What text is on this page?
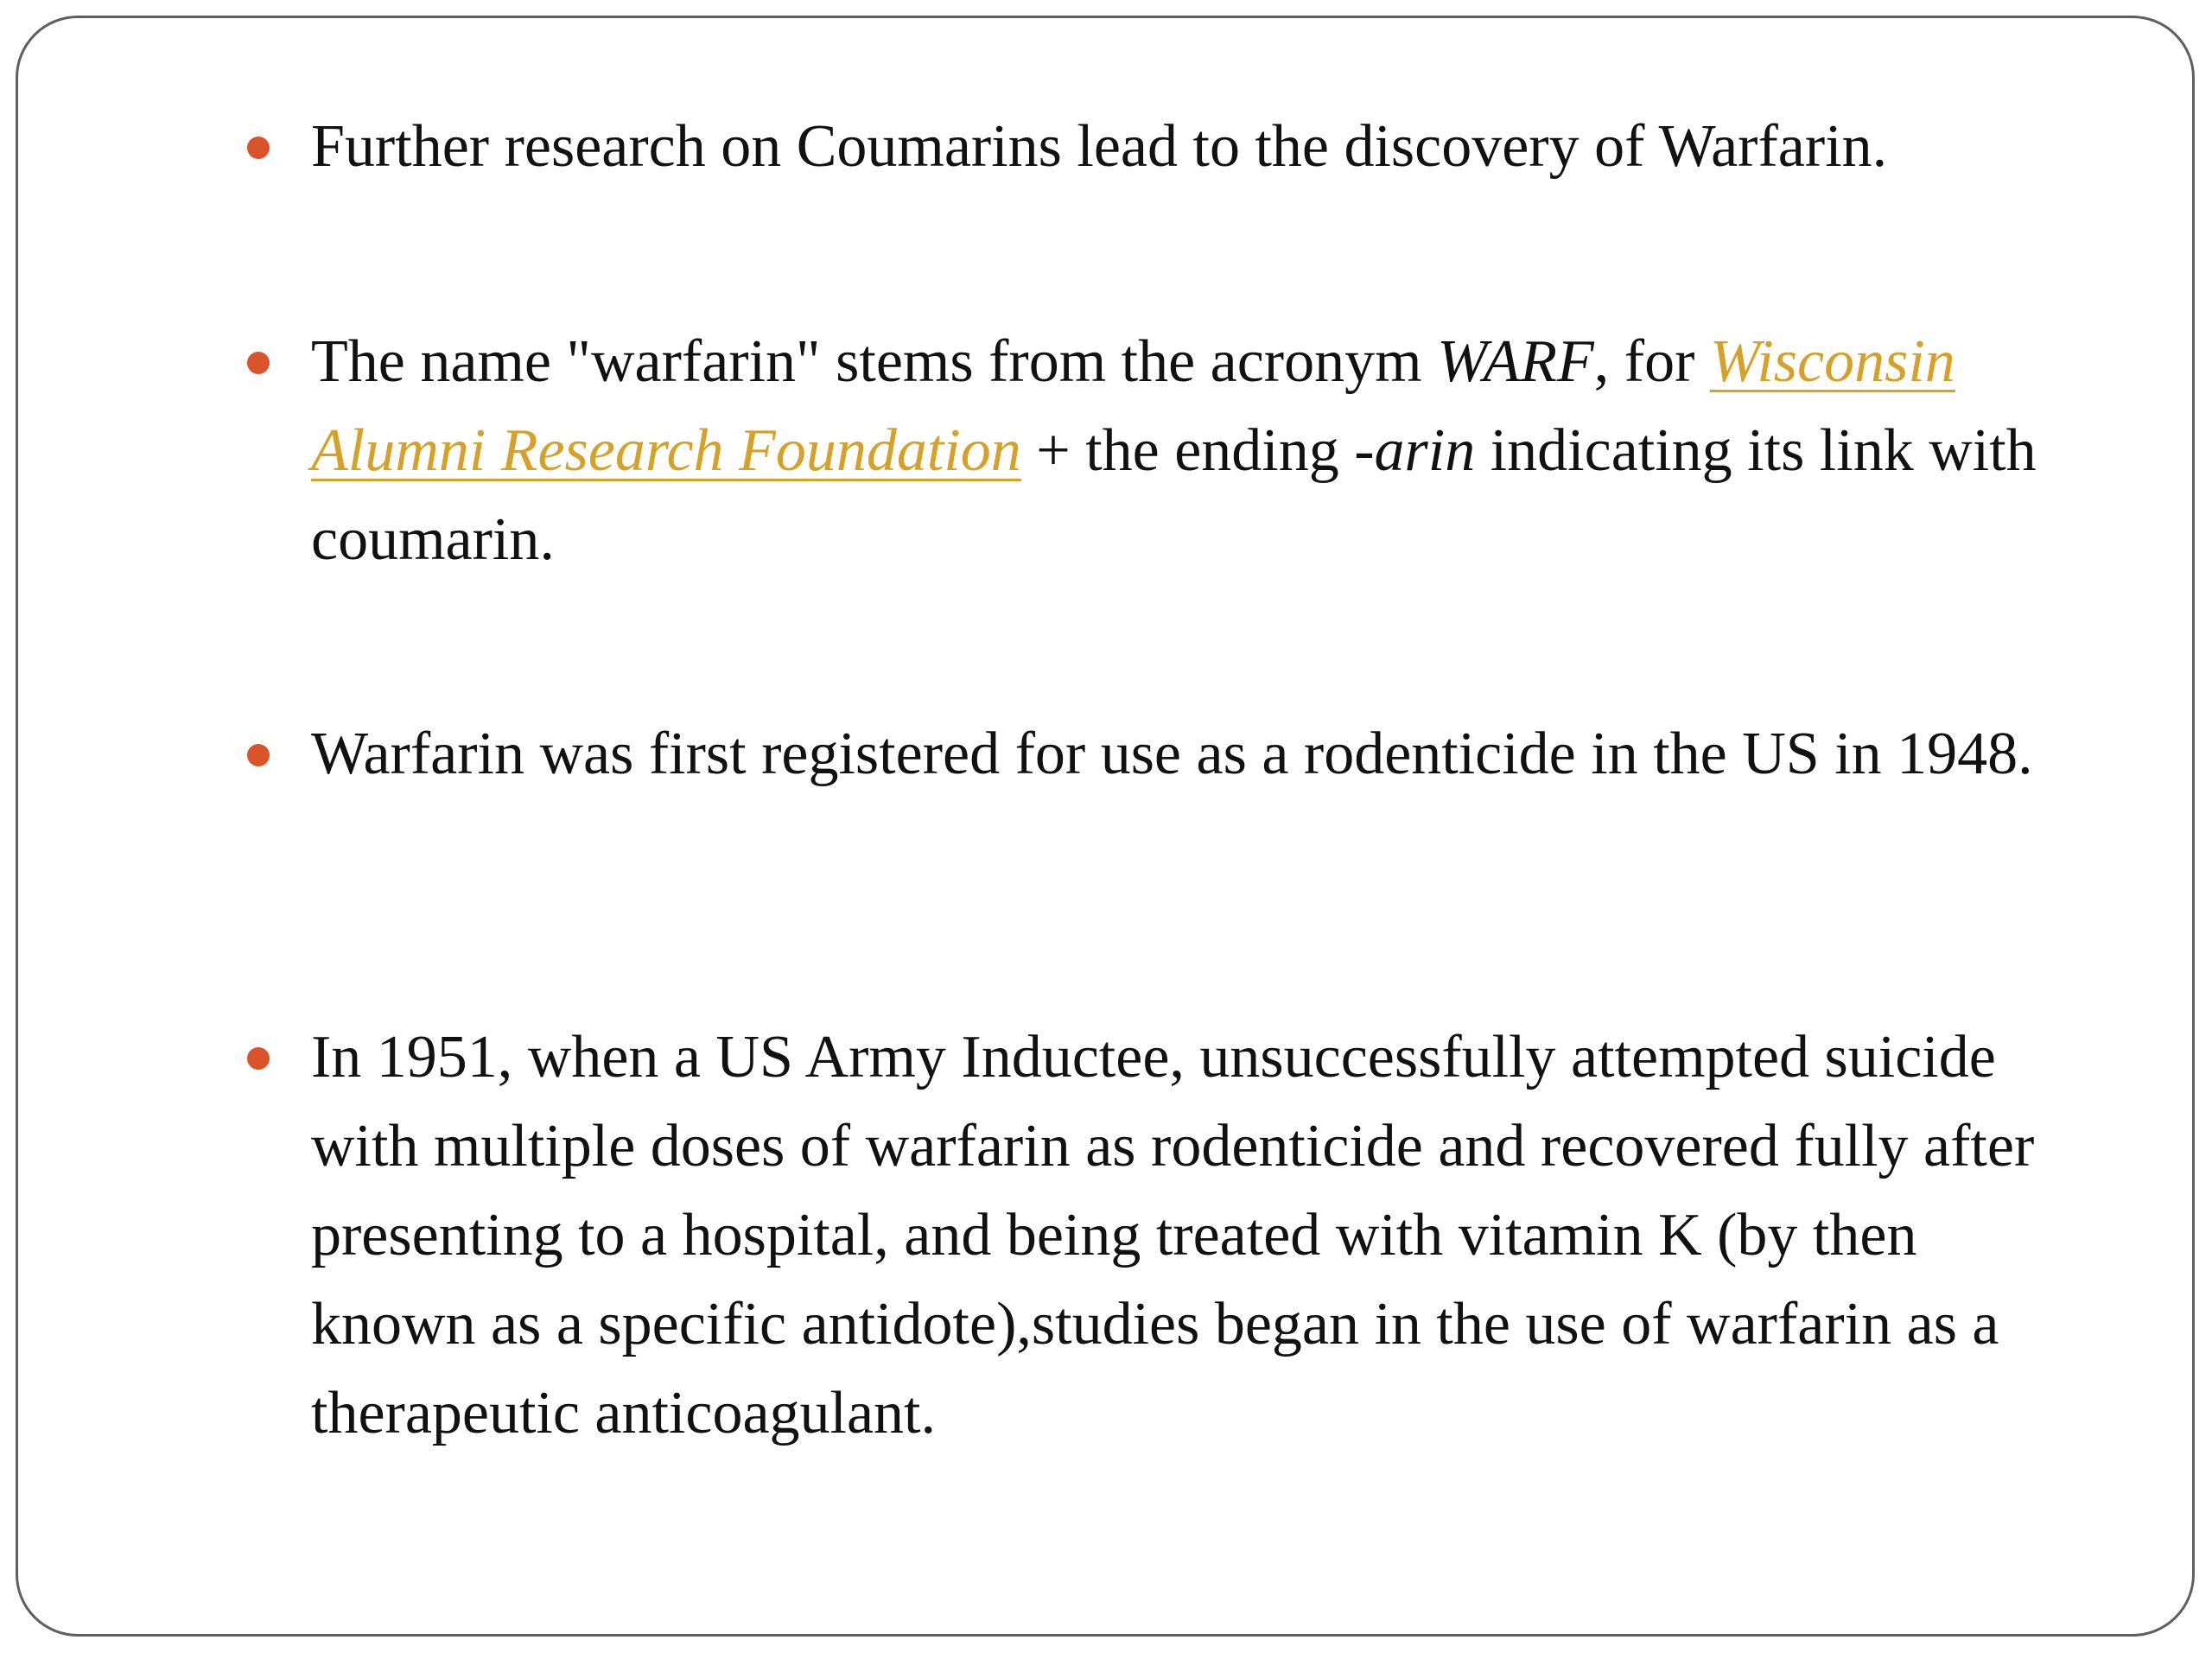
Further research on Coumarins lead to the discovery of Warfarin.
The name "warfarin" stems from the acronym WARF, for Wisconsin Alumni Research Foundation + the ending -arin indicating its link with coumarin.
Warfarin was first registered for use as a rodenticide in the US in 1948.
In 1951, when a US Army Inductee, unsuccessfully attempted suicide with multiple doses of warfarin as rodenticide and recovered fully after presenting to a hospital, and being treated with vitamin K (by then known as a specific antidote),studies began in the use of warfarin as a therapeutic anticoagulant.
